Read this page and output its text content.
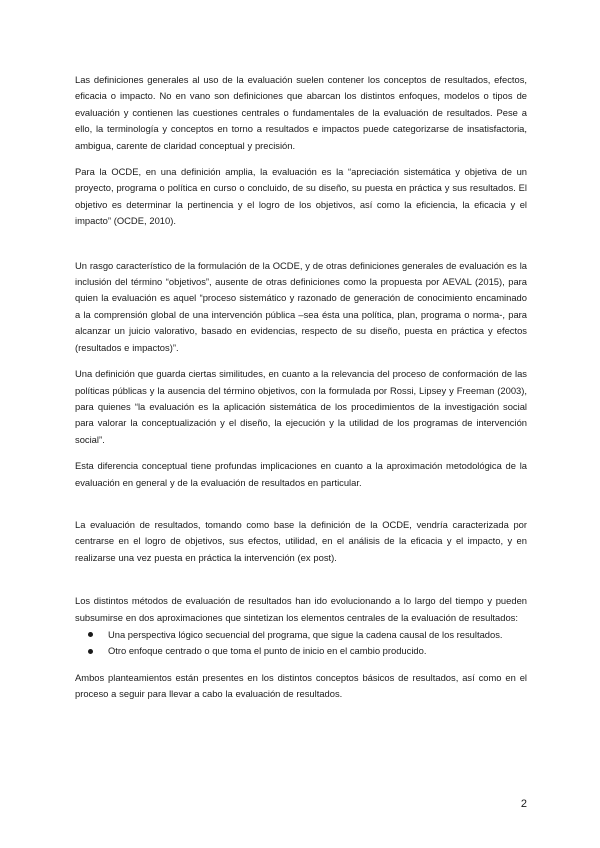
Las definiciones generales al uso de la evaluación suelen contener los conceptos de resultados, efectos, eficacia o impacto. No en vano son definiciones que abarcan los distintos enfoques, modelos o tipos de evaluación y contienen las cuestiones centrales o fundamentales de la evaluación de resultados. Pese a ello, la terminología y conceptos en torno a resultados e impactos puede categorizarse de insatisfactoria, ambigua, carente de claridad conceptual y precisión.

Para la OCDE, en una definición amplia, la evaluación es la “apreciación sistemática y objetiva de un proyecto, programa o política en curso o concluido, de su diseño, su puesta en práctica y sus resultados. El objetivo es determinar la pertinencia y el logro de los objetivos, así como la eficiencia, la eficacia y el impacto” (OCDE, 2010).

Un rasgo característico de la formulación de la OCDE, y de otras definiciones generales de evaluación es la inclusión del término “objetivos”, ausente de otras definiciones como la propuesta por AEVAL (2015), para quien la evaluación es aquel “proceso sistemático y razonado de generación de conocimiento encaminado a la comprensión global de una intervención pública –sea ésta una política, plan, programa o norma-, para alcanzar un juicio valorativo, basado en evidencias, respecto de su diseño, puesta en práctica y efectos (resultados e impactos)”.

Una definición que guarda ciertas similitudes, en cuanto a la relevancia del proceso de conformación de las políticas públicas y la ausencia del término objetivos, con la formulada por Rossi, Lipsey y Freeman (2003), para quienes “la evaluación es la aplicación sistemática de los procedimientos de la investigación social para valorar la conceptualización y el diseño, la ejecución y la utilidad de los programas de intervención social”.

Esta diferencia conceptual tiene profundas implicaciones en cuanto a la aproximación metodológica de la evaluación en general y de la evaluación de resultados en particular.

La evaluación de resultados, tomando como base la definición de la OCDE, vendría caracterizada por centrarse en el logro de objetivos, sus efectos, utilidad, en el análisis de la eficacia y el impacto, y en realizarse una vez puesta en práctica la intervención (ex post).

Los distintos métodos de evaluación de resultados han ido evolucionando a lo largo del tiempo y pueden subsumirse en dos aproximaciones que sintetizan los elementos centrales de la evaluación de resultados:

Una perspectiva lógico secuencial del programa, que sigue la cadena causal de los resultados.
Otro enfoque centrado o que toma el punto de inicio en el cambio producido.

Ambos planteamientos están presentes en los distintos conceptos básicos de resultados, así como en el proceso a seguir para llevar a cabo la evaluación de resultados.

2
